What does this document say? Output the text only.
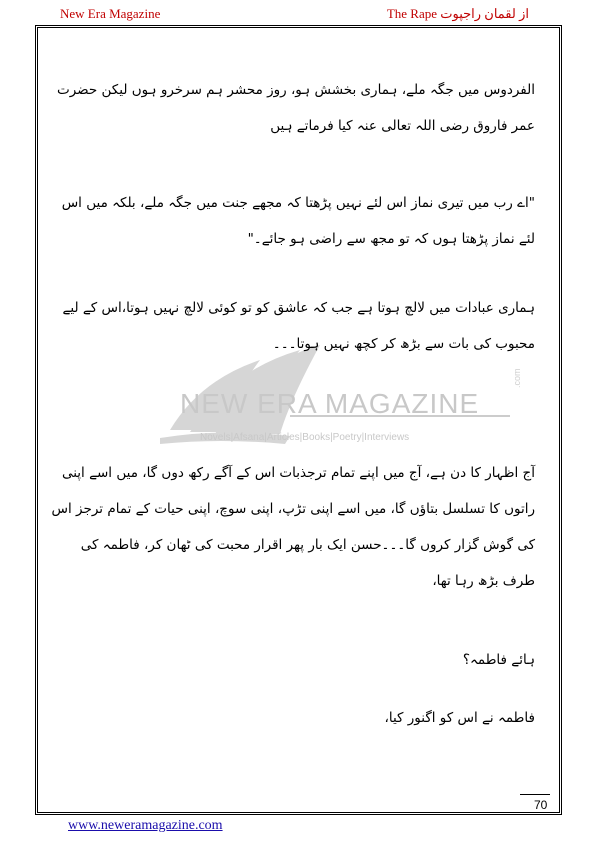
New Era Magazine	The Rape از لقمان راجپوت
NEW ERA MAGAZINE
Novels|Afsana|Articles|Books|Poetry|Interviews
.com

الفردوس میں جگہ ملے، ہماری بخشش ہو، روز محشر ہم سرخرو ہوں لیکن حضرت عمر فاروق رضی اللہ تعالی عنہ کیا فرماتے ہیں

"اے رب میں تیری نماز اس لئے نہیں پڑھتا کہ مجھے جنت میں جگہ ملے، بلکہ میں اس لئے نماز پڑھتا ہوں کہ تو مجھ سے راضی ہو جائے۔"

ہماری عبادات میں لالچ ہوتا ہے جب کہ عاشق کو تو کوئی لالچ نہیں ہوتا،اس کے لیے محبوب کی بات سے بڑھ کر کچھ نہیں ہوتا۔۔۔

آج اظہار کا دن ہے، آج میں اپنے تمام ترجذبات اس کے آگے رکھ دوں گا، میں اسے اپنی راتوں کا تسلسل بتاؤں گا، میں اسے اپنی تڑپ، اپنی سوچ، اپنی حیات کے تمام ترجز اس کی گوش گزار کروں گا۔۔۔حسن ایک بار پھر اقرار محبت کی ٹھان کر، فاطمہ کی طرف بڑھ رہا تھا،

ہائے فاطمہ؟

فاطمہ نے اس کو اگنور کیا،

70
www.neweramagazine.com
